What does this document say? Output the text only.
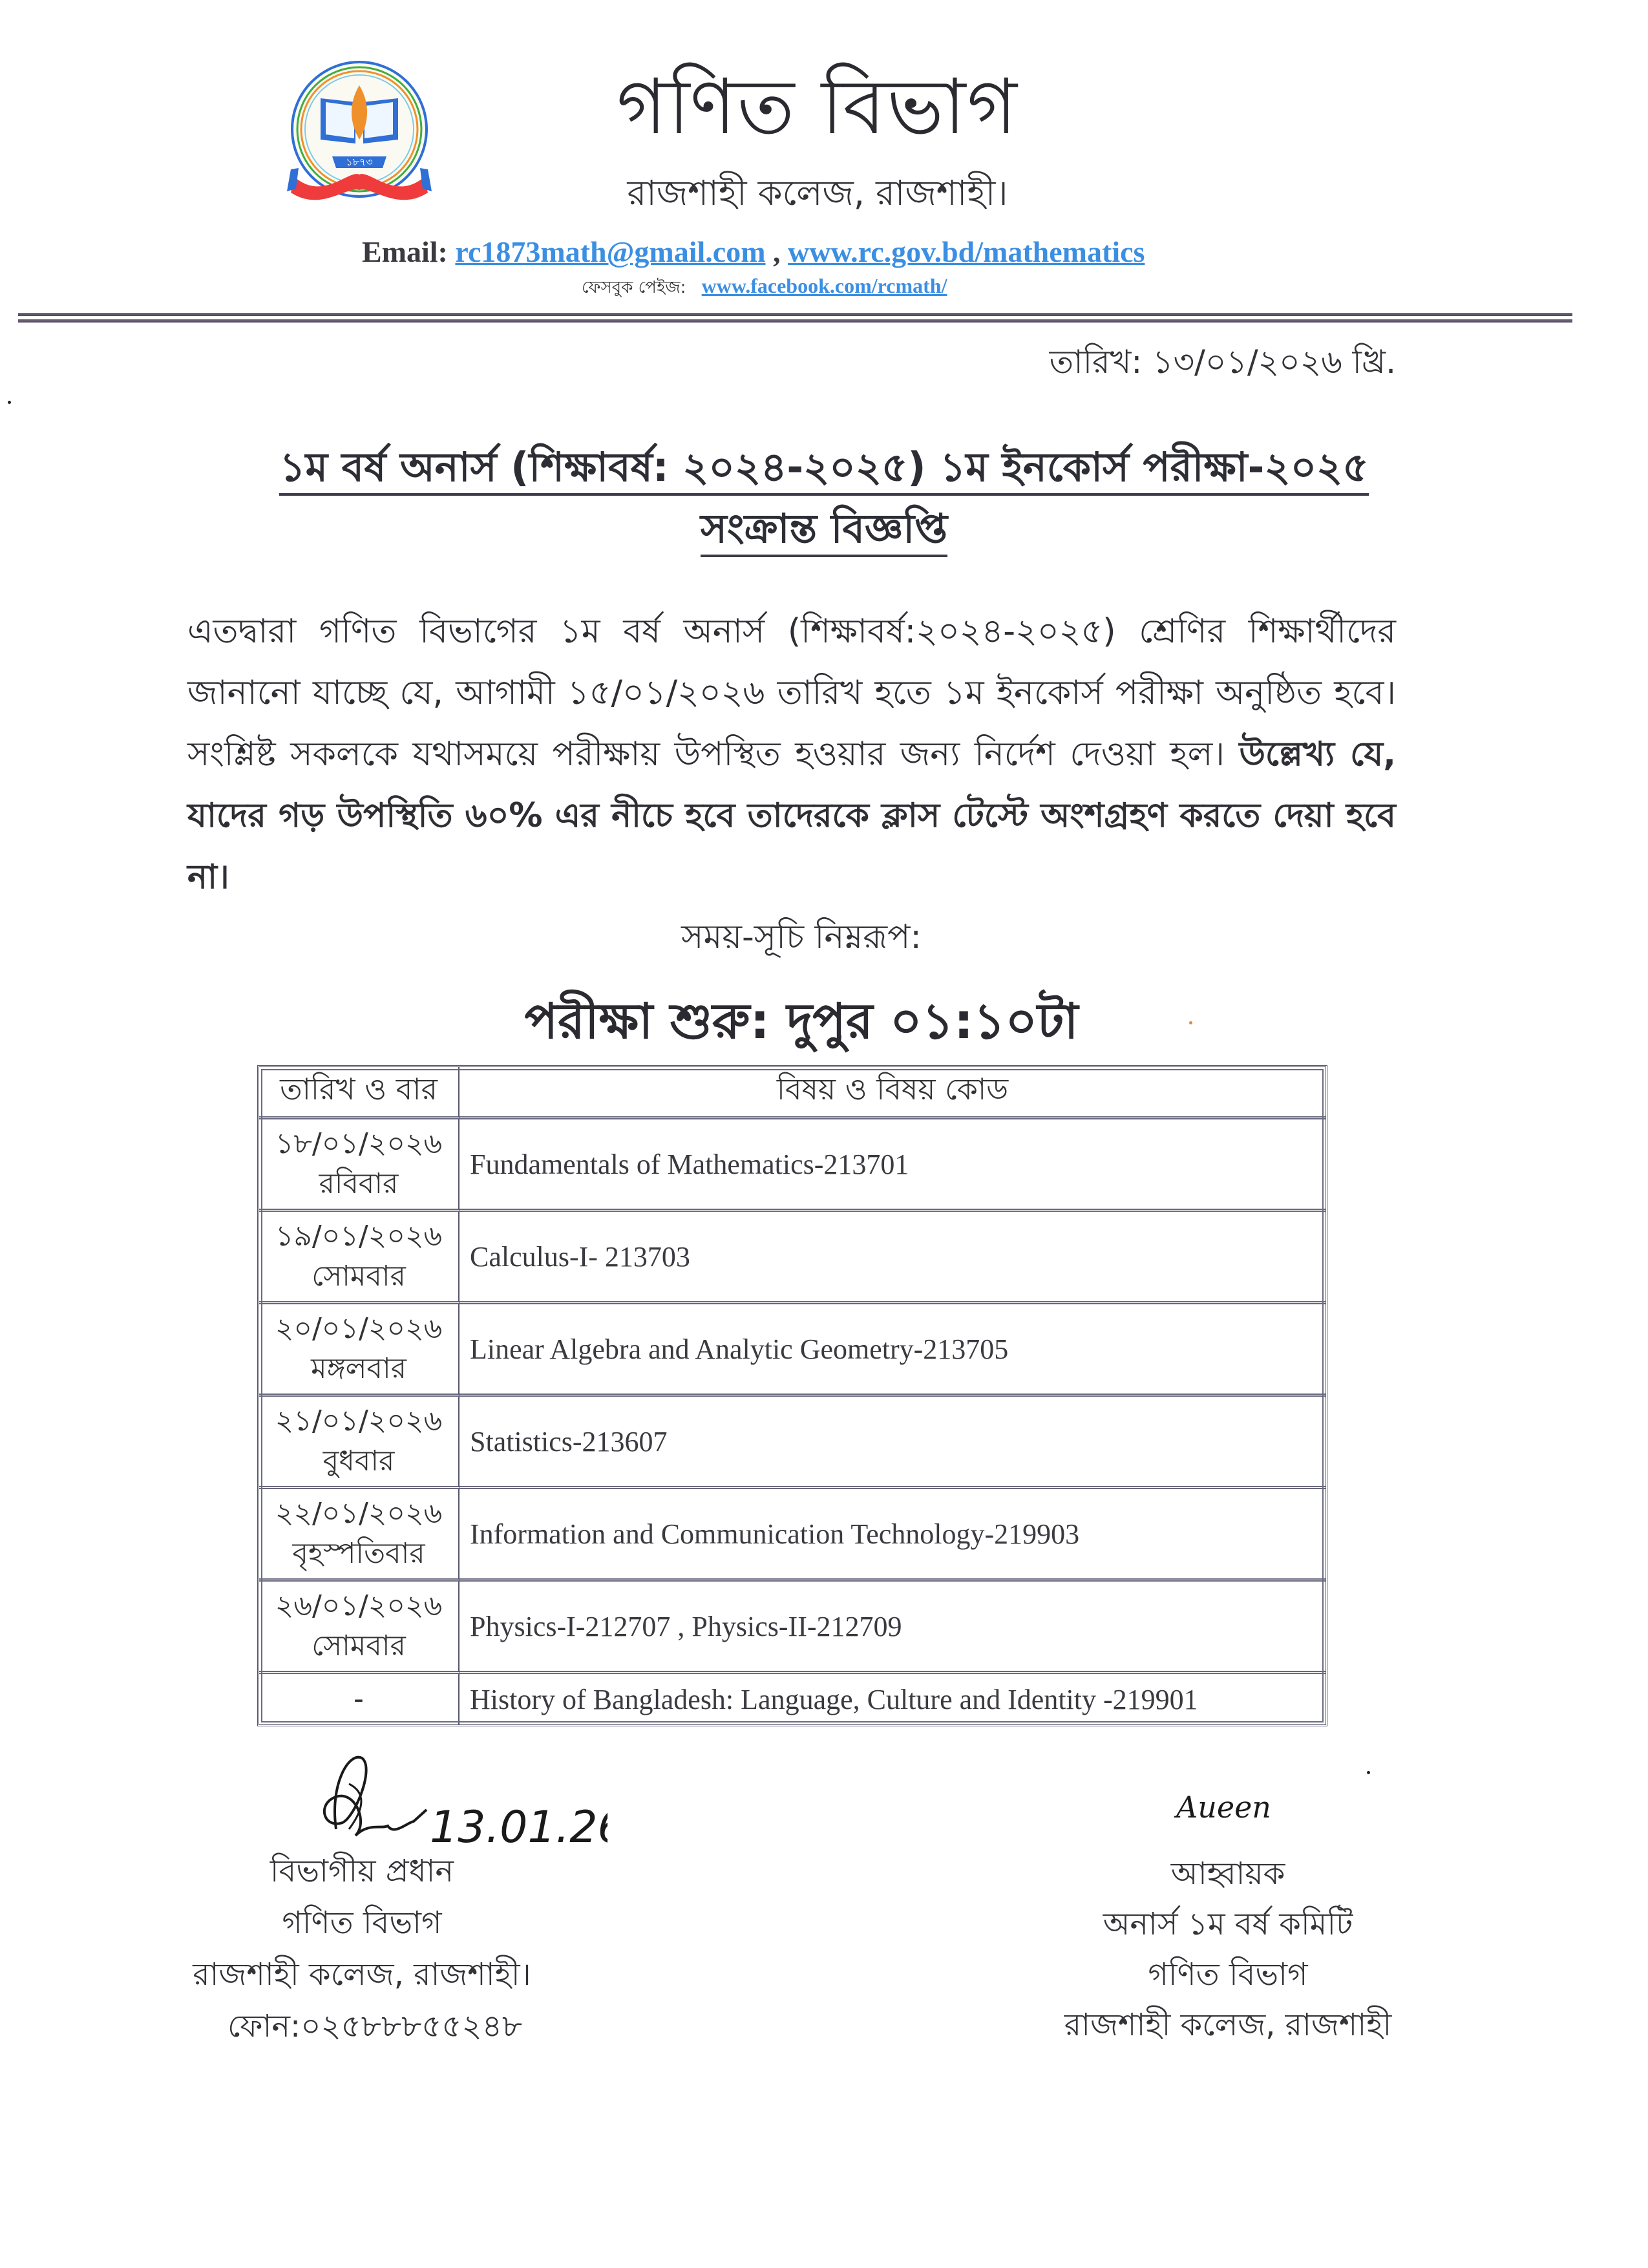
১৮৭৩
গণিত বিভাগ
রাজশাহী কলেজ, রাজশাহী।
Email: rc1873math@gmail.com , www.rc.gov.bd/mathematics
ফেসবুক পেইজ: www.facebook.com/rcmath/
তারিখ: ১৩/০১/২০২৬ খ্রি.
১ম বর্ষ অনার্স (শিক্ষাবর্ষ: ২০২৪-২০২৫) ১ম ইনকোর্স পরীক্ষা-২০২৫
সংক্রান্ত বিজ্ঞপ্তি
এতদ্বারা গণিত বিভাগের ১ম বর্ষ অনার্স (শিক্ষাবর্ষ:২০২৪-২০২৫) শ্রেণির শিক্ষার্থীদের জানানো যাচ্ছে যে, আগামী ১৫/০১/২০২৬ তারিখ হতে ১ম ইনকোর্স পরীক্ষা অনুষ্ঠিত হবে। সংশ্লিষ্ট সকলকে যথাসময়ে পরীক্ষায় উপস্থিত হওয়ার জন্য নির্দেশ দেওয়া হল। উল্লেখ্য যে, যাদের গড় উপস্থিতি ৬০% এর নীচে হবে তাদেরকে ক্লাস টেস্টে অংশগ্রহণ করতে দেয়া হবে না।
সময়-সূচি নিম্নরূপ:
পরীক্ষা শুরু: দুপুর ০১:১০টা
তারিখ ও বার	বিষয় ও বিষয় কোড

১৮/০১/২০২৬
রবিবার	Fundamentals of Mathematics-213701

১৯/০১/২০২৬
সোমবার	Calculus-I- 213703

২০/০১/২০২৬
মঙ্গলবার	Linear Algebra and Analytic Geometry-213705

২১/০১/২০২৬
বুধবার	Statistics-213607

২২/০১/২০২৬
বৃহস্পতিবার	Information and Communication Technology-219903

২৬/০১/২০২৬
সোমবার	Physics-I-212707 , Physics-II-212709

-	History of Bangladesh: Language, Culture and Identity -219901
13.01.26
বিভাগীয় প্রধান
গণিত বিভাগ
রাজশাহী কলেজ, রাজশাহী।
ফোন:০২৫৮৮৮৫৫২৪৮
Aueen
আহ্বায়ক
অনার্স ১ম বর্ষ কমিটি
গণিত বিভাগ
রাজশাহী কলেজ, রাজশাহী
